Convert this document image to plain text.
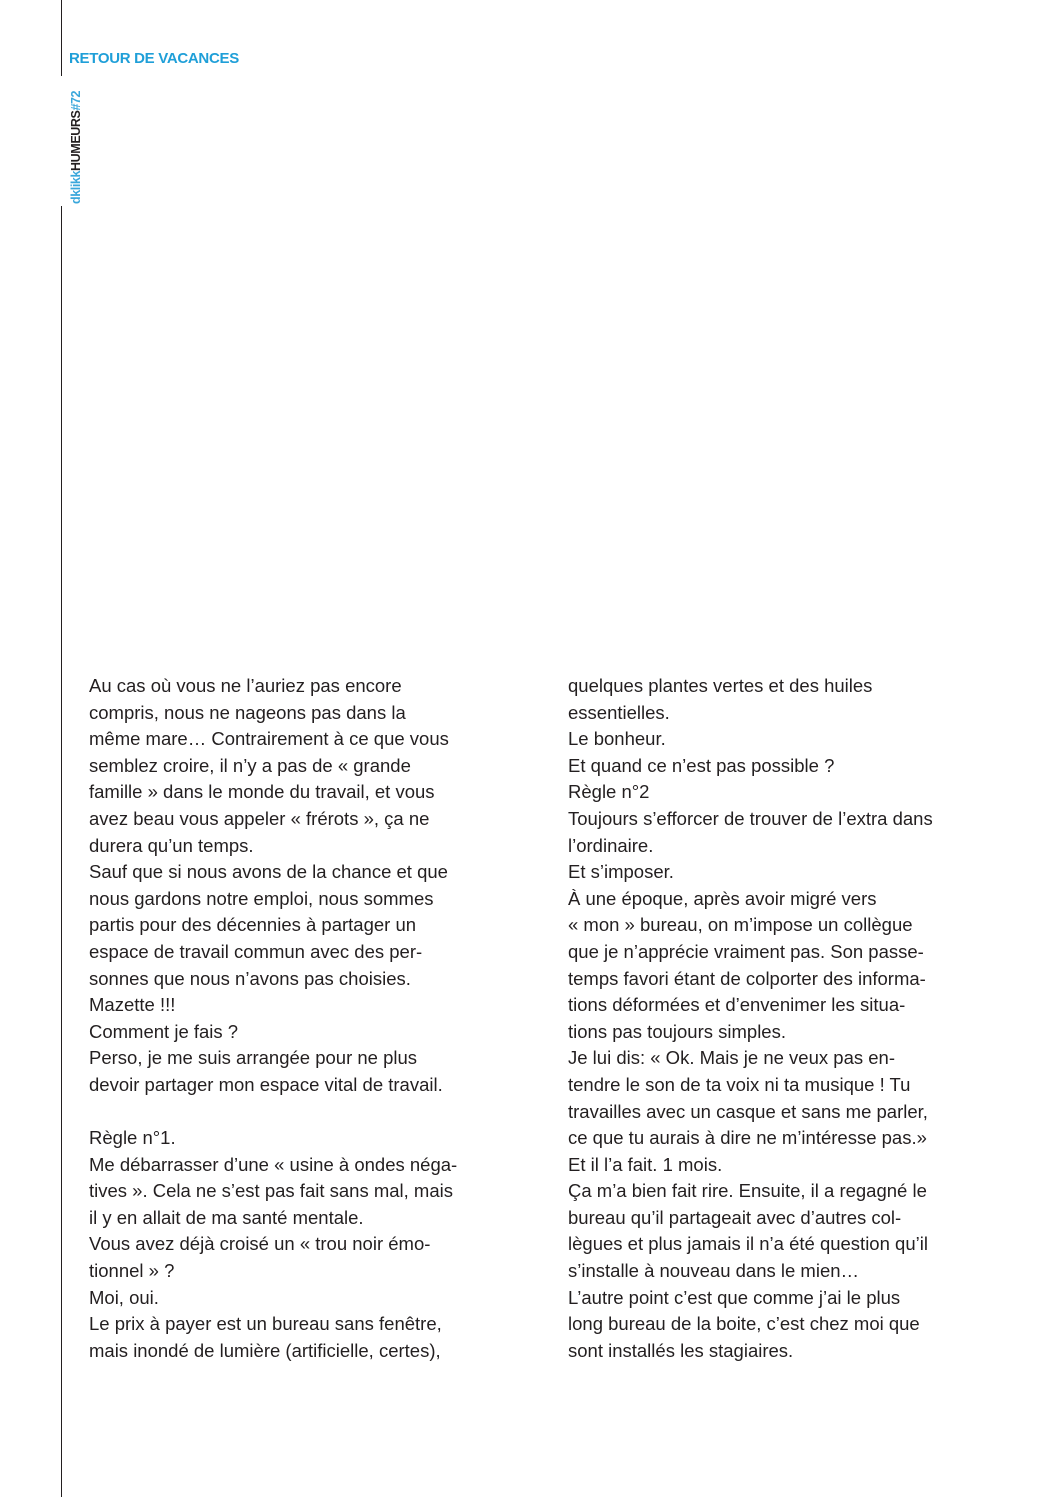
dklikkHUMEURS#72
RETOUR DE VACANCES

Au cas où vous ne l’auriez pas encore

compris, nous ne nageons pas dans la

même mare… Contrairement à ce que vous

semblez croire, il n’y a pas de « grande

famille » dans le monde du travail, et vous

avez beau vous appeler « frérots », ça ne

durera qu’un temps.

Sauf que si nous avons de la chance et que

nous gardons notre emploi, nous sommes

partis pour des décennies à partager un

espace de travail commun avec des per-

sonnes que nous n’avons pas choisies.

Mazette !!!

Comment je fais ?

Perso, je me suis arrangée pour ne plus

devoir partager mon espace vital de travail.

Règle n°1.

Me débarrasser d’une « usine à ondes néga-

tives ». Cela ne s’est pas fait sans mal, mais

il y en allait de ma santé mentale.

Vous avez déjà croisé un « trou noir émo-

tionnel » ?

Moi, oui.

Le prix à payer est un bureau sans fenêtre,

mais inondé de lumière (artificielle, certes),

quelques plantes vertes et des huiles

essentielles.

Le bonheur.

Et quand ce n’est pas possible ?

Règle n°2

Toujours s’efforcer de trouver de l’extra dans

l’ordinaire.

Et s’imposer.

À une époque, après avoir migré vers

« mon » bureau, on m’impose un collègue

que je n’apprécie vraiment pas. Son passe-

temps favori étant de colporter des informa-

tions déformées et d’envenimer les situa-

tions pas toujours simples.

Je lui dis: « Ok. Mais je ne veux pas en-

tendre le son de ta voix ni ta musique ! Tu

travailles avec un casque et sans me parler,

ce que tu aurais à dire ne m’intéresse pas.»

Et il l’a fait. 1 mois.

Ça m’a bien fait rire. Ensuite, il a regagné le

bureau qu’il partageait avec d’autres col-

lègues et plus jamais il n’a été question qu’il

s’installe à nouveau dans le mien…

L’autre point c’est que comme j’ai le plus

long bureau de la boite, c’est chez moi que

sont installés les stagiaires.
